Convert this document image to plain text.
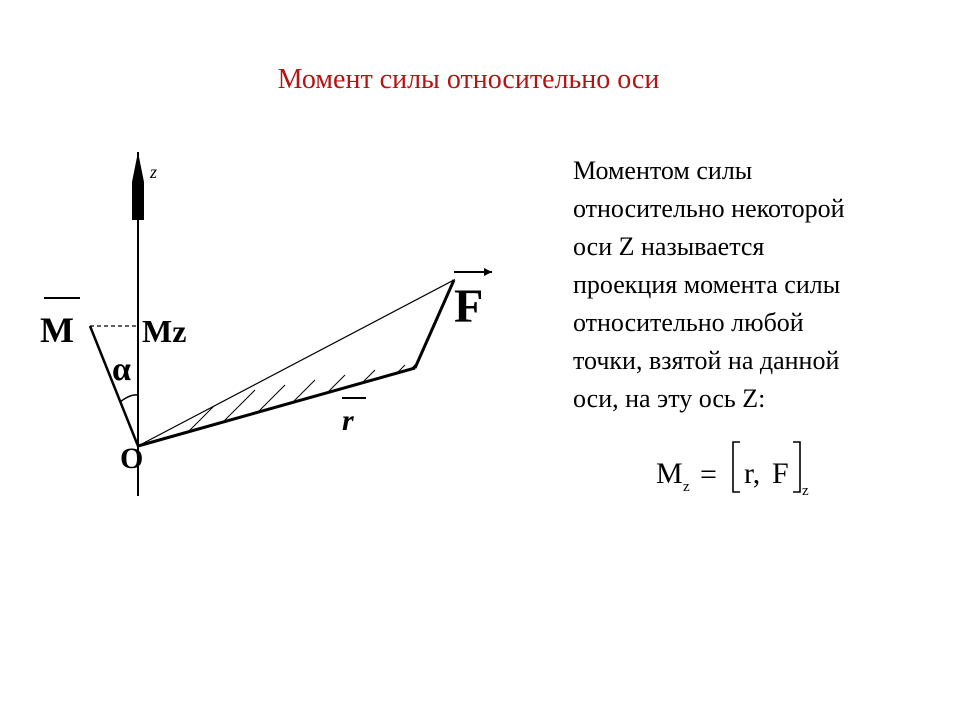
Момент силы относительно оси
Моментом силы
относительно некоторой
оси Z называется
проекция момента силы
относительно любой
точки, взятой на данной
оси, на эту ось Z:
M z = r, F
z
z
M Mz
α
r
F
O
